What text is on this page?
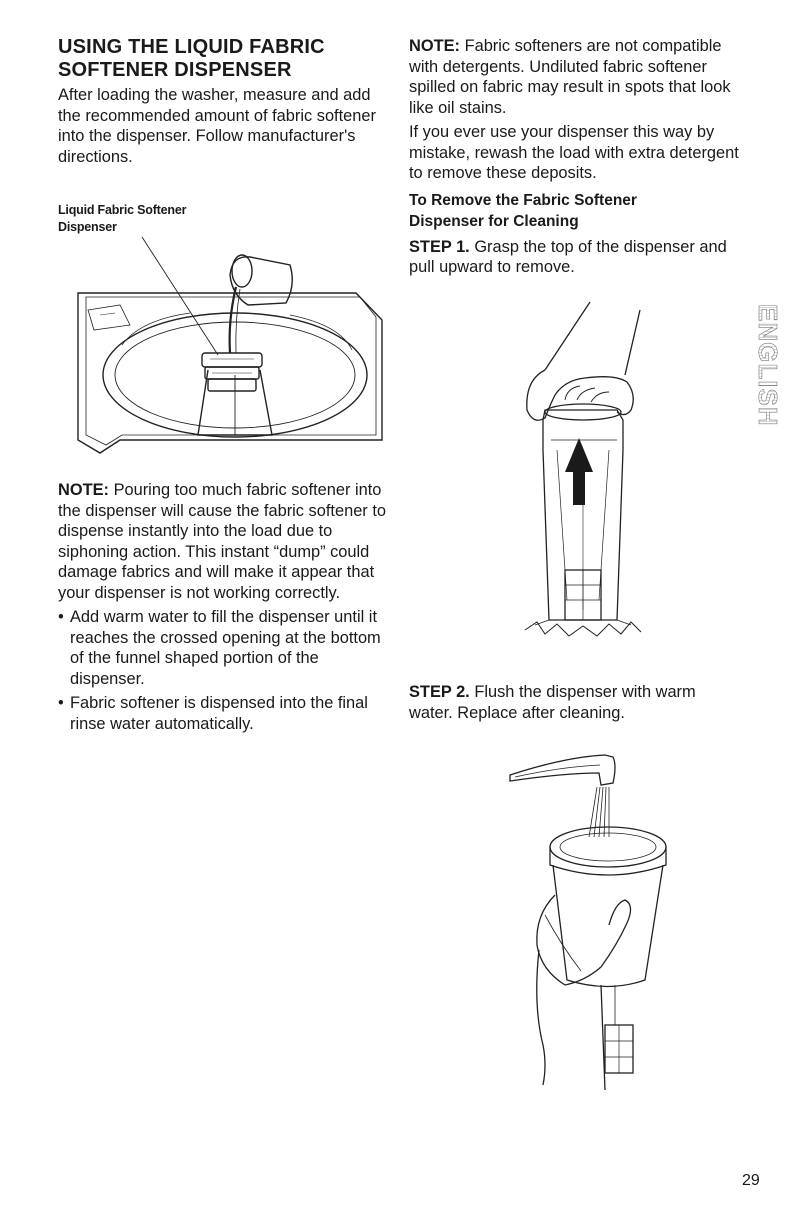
USING THE LIQUID FABRIC
SOFTENER DISPENSER

After loading the washer, measure and add the recommended amount of fabric softener into the dispenser. Follow manufacturer's directions.

Liquid Fabric Softener
Dispenser

NOTE: Pouring too much fabric softener into the dispenser will cause the fabric softener to dispense instantly into the load due to siphoning action. This instant “dump” could damage fabrics and will make it appear that your dispenser is not working correctly.

• Add warm water to fill the dispenser until it reaches the crossed opening at the bottom of the funnel shaped portion of the dispenser.
• Fabric softener is dispensed into the final rinse water automatically.

NOTE: Fabric softeners are not compatible with detergents. Undiluted fabric softener spilled on fabric may result in spots that look like oil stains.

If you ever use your dispenser this way by mistake, rewash the load with extra detergent to remove these deposits.

To Remove the Fabric Softener
Dispenser for Cleaning

STEP 1. Grasp the top of the dispenser and pull upward to remove.

STEP 2. Flush the dispenser with warm water. Replace after cleaning.

ENGLISH
29
